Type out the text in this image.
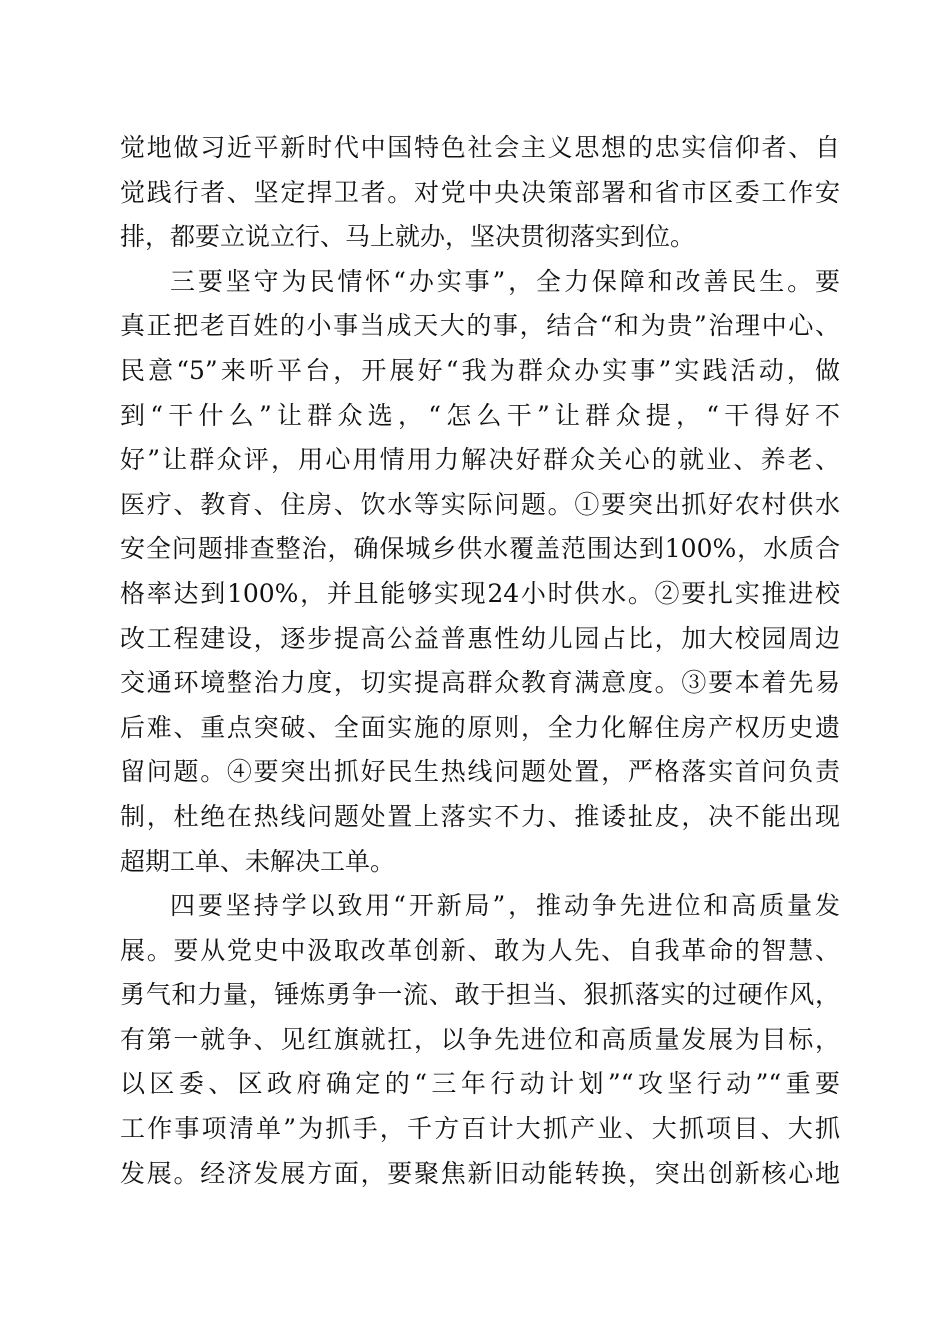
觉地做习近平新时代中国特色社会主义思想的忠实信仰者、自
觉践行者、坚定捍卫者。对党中央决策部署和省市区委工作安
排，都要立说立行、马上就办，坚决贯彻落实到位。
三要坚守为民情怀“办实事”，全力保障和改善民生。要
真正把老百姓的小事当成天大的事，结合“和为贵”治理中心、
民意“5”来听平台，开展好“我为群众办实事”实践活动，做
到“干什么”让群众选，“怎么干”让群众提，“干得好不
好”让群众评，用心用情用力解决好群众关心的就业、养老、
医疗、教育、住房、饮水等实际问题。①要突出抓好农村供水
安全问题排查整治，确保城乡供水覆盖范围达到100%，水质合
格率达到100%，并且能够实现24小时供水。②要扎实推进校
改工程建设，逐步提高公益普惠性幼儿园占比，加大校园周边
交通环境整治力度，切实提高群众教育满意度。③要本着先易
后难、重点突破、全面实施的原则，全力化解住房产权历史遗
留问题。④要突出抓好民生热线问题处置，严格落实首问负责
制，杜绝在热线问题处置上落实不力、推诿扯皮，决不能出现
超期工单、未解决工单。
四要坚持学以致用“开新局”，推动争先进位和高质量发
展。要从党史中汲取改革创新、敢为人先、自我革命的智慧、
勇气和力量，锤炼勇争一流、敢于担当、狠抓落实的过硬作风，
有第一就争、见红旗就扛，以争先进位和高质量发展为目标，
以区委、区政府确定的“三年行动计划”“攻坚行动”“重要
工作事项清单”为抓手，千方百计大抓产业、大抓项目、大抓
发展。经济发展方面，要聚焦新旧动能转换，突出创新核心地
